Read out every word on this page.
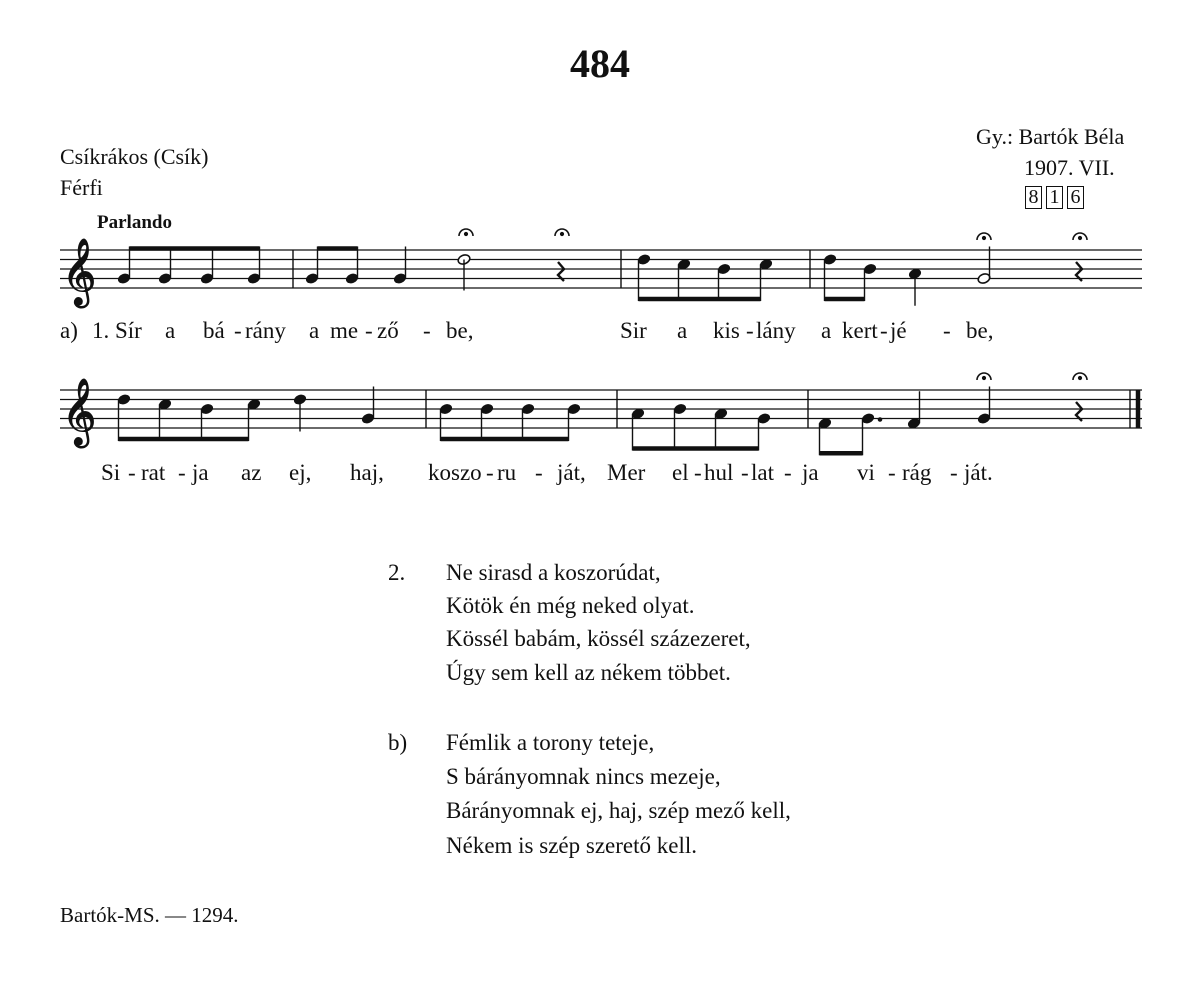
484
Csíkrákos (Csík)
Férfi
Gy.: Bartók Béla
1907. VII.
8 1 6
Parlando
𝄞
𝄞
a) 1. Sír a bá - rány a me - ző - be,	Sir a kis - lány a kert - jé - be,
Si - rat - ja az ej, haj, koszo - ru - ját, Mer el - hul - lat - ja vi - rág - ját.
2. Ne sirasd a koszorúdat,
Kötök én még neked olyat.
Kössél babám, kössél százezeret,
Úgy sem kell az nékem többet.
b) Fémlik a torony teteje,
S bárányomnak nincs mezeje,
Bárányomnak ej, haj, szép mező kell,
Nékem is szép szerető kell.
Bartók-MS. — 1294.
